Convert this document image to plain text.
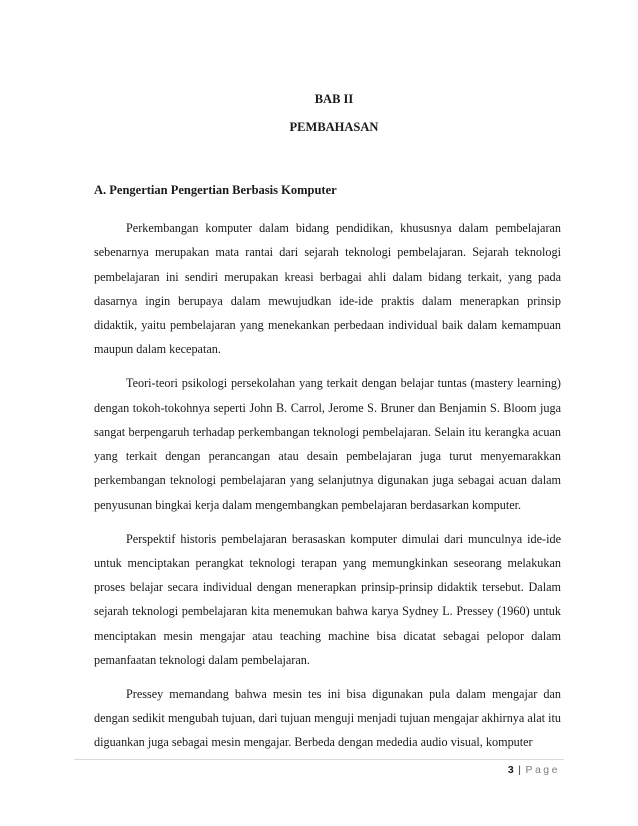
BAB II
PEMBAHASAN
A. Pengertian Pengertian Berbasis Komputer

Perkembangan komputer dalam bidang pendidikan, khususnya dalam pembelajaran sebenarnya merupakan mata rantai dari sejarah teknologi pembelajaran. Sejarah teknologi pembelajaran ini sendiri merupakan kreasi berbagai ahli dalam bidang terkait, yang pada dasarnya ingin berupaya dalam mewujudkan ide-ide praktis dalam menerapkan prinsip didaktik, yaitu pembelajaran yang menekankan perbedaan individual baik dalam kemampuan maupun dalam kecepatan.

Teori-teori psikologi persekolahan yang terkait dengan belajar tuntas (mastery learning) dengan tokoh-tokohnya seperti John B. Carrol, Jerome S. Bruner dan Benjamin S. Bloom juga sangat berpengaruh terhadap perkembangan teknologi pembelajaran. Selain itu kerangka acuan yang terkait dengan perancangan atau desain pembelajaran juga turut menyemarakkan perkembangan teknologi pembelajaran yang selanjutnya digunakan juga sebagai acuan dalam penyusunan bingkai kerja dalam mengembangkan pembelajaran berdasarkan komputer.

Perspektif historis pembelajaran berasaskan komputer dimulai dari munculnya ide-ide untuk menciptakan perangkat teknologi terapan yang memungkinkan seseorang melakukan proses belajar secara individual dengan menerapkan prinsip-prinsip didaktik tersebut. Dalam sejarah teknologi pembelajaran kita menemukan bahwa karya Sydney L. Pressey (1960) untuk menciptakan mesin mengajar atau teaching machine bisa dicatat sebagai pelopor dalam pemanfaatan teknologi dalam pembelajaran.

Pressey memandang bahwa mesin tes ini bisa digunakan pula dalam mengajar dan dengan sedikit mengubah tujuan, dari tujuan menguji menjadi tujuan mengajar akhirnya alat itu diguankan juga sebagai mesin mengajar. Berbeda dengan mededia audio visual, komputer

3 | Page
